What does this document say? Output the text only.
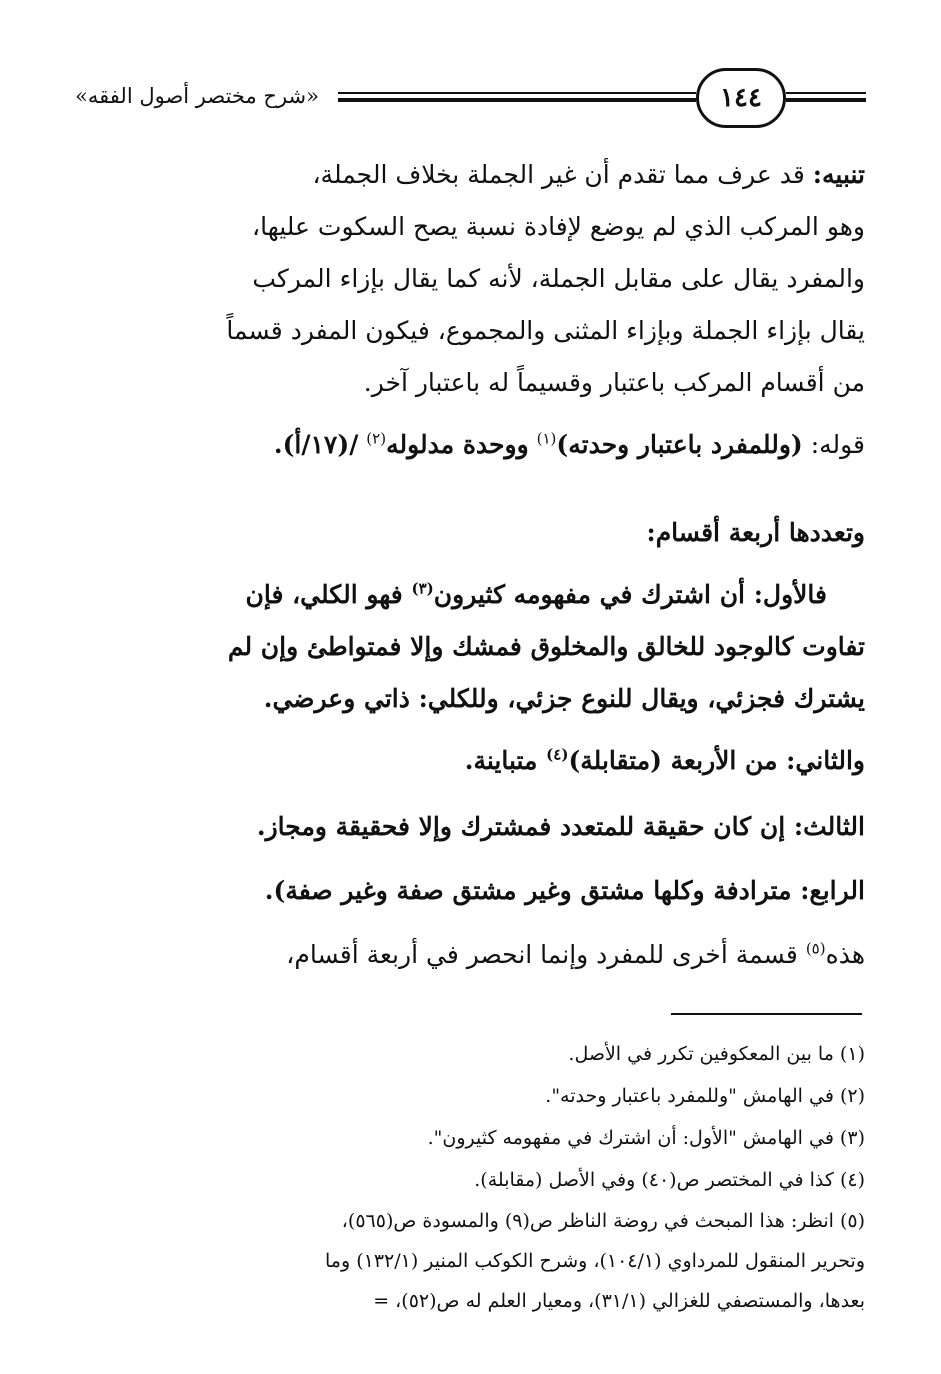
«شرح مختصر أصول الفقه»	١٤٤
تنبيه: قد عرف مما تقدم أن غير الجملة بخلاف الجملة،
وهو المركب الذي لم يوضع لإفادة نسبة يصح السكوت عليها،
والمفرد يقال على مقابل الجملة، لأنه كما يقال بإزاء المركب
يقال بإزاء الجملة وبإزاء المثنى والمجموع، فيكون المفرد قسماً
من أقسام المركب باعتبار وقسيماً له باعتبار آخر.
قوله: (وللمفرد باعتبار وحدته)$^{(١)}$ ووحدة مدلوله$^{(٢)}$ /(١٧/أ).
وتعددها أربعة أقسام:
فالأول: أن اشترك في مفهومه كثيرون$^{(٣)}$ فهو الكلي، فإن
تفاوت كالوجود للخالق والمخلوق فمشك وإلا فمتواطئ وإن لم
يشترك فجزئي، ويقال للنوع جزئي، وللكلي: ذاتي وعرضي.
والثاني: من الأربعة (متقابلة)$^{(٤)}$ متباينة.
الثالث: إن كان حقيقة للمتعدد فمشترك وإلا فحقيقة ومجاز.
الرابع: مترادفة وكلها مشتق وغير مشتق صفة وغير صفة).
هذه$^{(٥)}$ قسمة أخرى للمفرد وإنما انحصر في أربعة أقسام،
(١) ما بين المعكوفين تكرر في الأصل.
(٢) في الهامش "وللمفرد باعتبار وحدته".
(٣) في الهامش "الأول: أن اشترك في مفهومه كثيرون".
(٤) كذا في المختصر ص(٤٠) وفي الأصل (مقابلة).
(٥) انظر: هذا المبحث في روضة الناظر ص(٩) والمسودة ص(٥٦٥)،
وتحرير المنقول للمرداوي (١٠٤/١)، وشرح الكوكب المنير (١٣٢/١) وما
بعدها، والمستصفي للغزالي (٣١/١)، ومعيار العلم له ص(٥٢)، =
